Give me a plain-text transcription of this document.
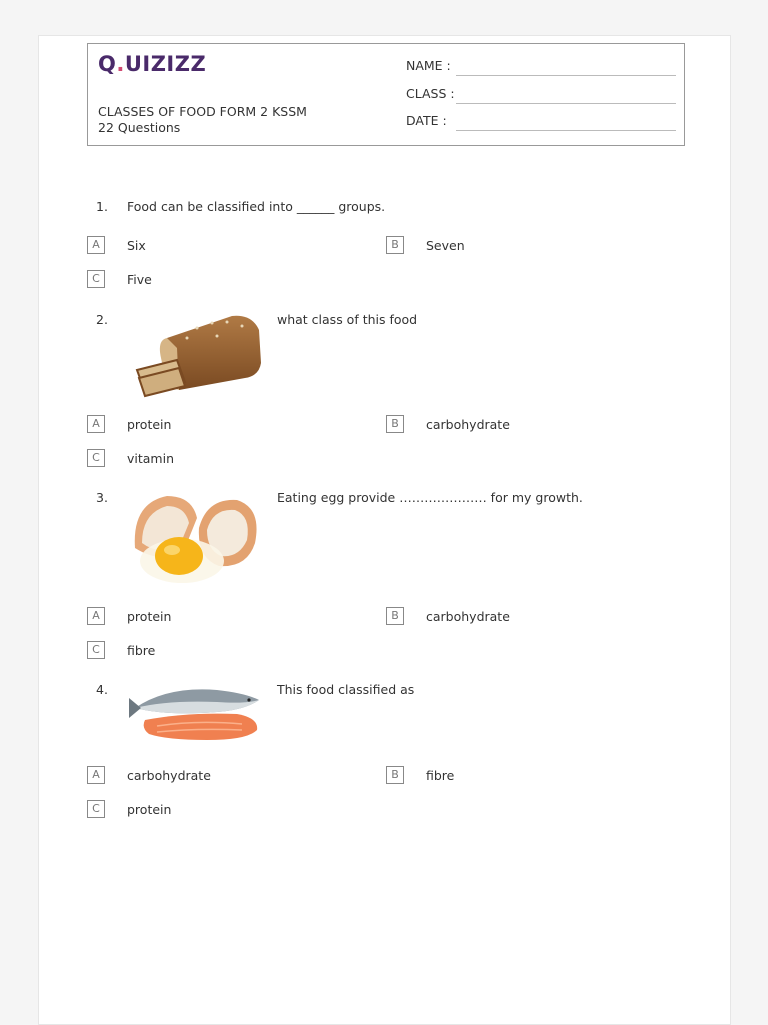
Q.UIZIZZ
CLASSES OF FOOD FORM 2 KSSM
22 Questions
NAME :
CLASS :
DATE :
1. Food can be classified into ______ groups.
A	Six	B	Seven
C	Five
2.	what class of this food
A	protein	B	carbohydrate
C	vitamin
3.	Eating egg provide ………………… for my growth.
A	protein	B	carbohydrate
C	fibre
4.	This food classified as
A	carbohydrate	B	fibre
C	protein
